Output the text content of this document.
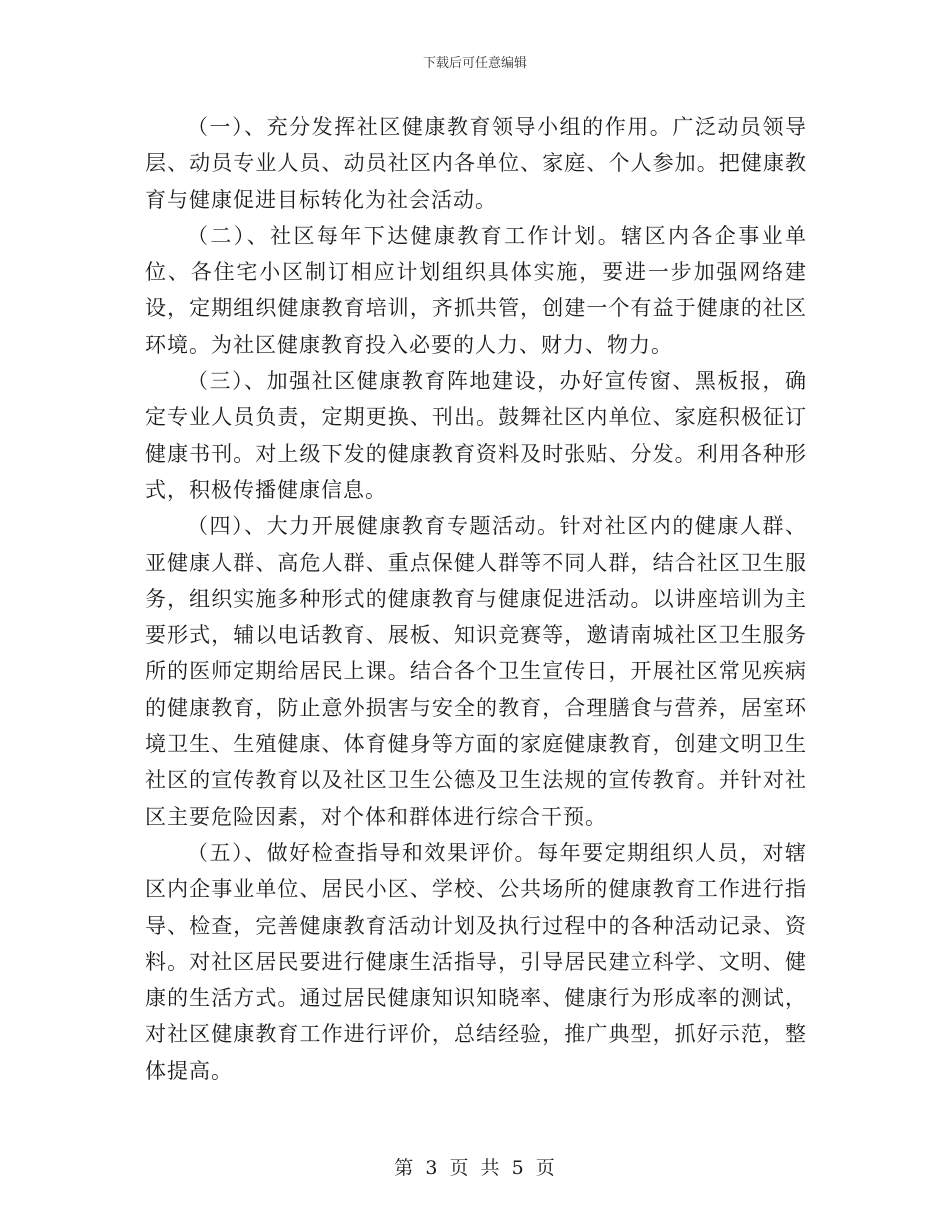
下载后可任意编辑

（一）、充分发挥社区健康教育领导小组的作用。广泛动员领导层、动员专业人员、动员社区内各单位、家庭、个人参加。把健康教育与健康促进目标转化为社会活动。

（二）、社区每年下达健康教育工作计划。辖区内各企事业单位、各住宅小区制订相应计划组织具体实施，要进一步加强网络建设，定期组织健康教育培训，齐抓共管，创建一个有益于健康的社区环境。为社区健康教育投入必要的人力、财力、物力。

（三）、加强社区健康教育阵地建设，办好宣传窗、黑板报，确定专业人员负责，定期更换、刊出。鼓舞社区内单位、家庭积极征订健康书刊。对上级下发的健康教育资料及时张贴、分发。利用各种形式，积极传播健康信息。

（四）、大力开展健康教育专题活动。针对社区内的健康人群、亚健康人群、高危人群、重点保健人群等不同人群，结合社区卫生服务，组织实施多种形式的健康教育与健康促进活动。以讲座培训为主要形式，辅以电话教育、展板、知识竞赛等，邀请南城社区卫生服务所的医师定期给居民上课。结合各个卫生宣传日，开展社区常见疾病的健康教育，防止意外损害与安全的教育，合理膳食与营养，居室环境卫生、生殖健康、体育健身等方面的家庭健康教育，创建文明卫生社区的宣传教育以及社区卫生公德及卫生法规的宣传教育。并针对社区主要危险因素，对个体和群体进行综合干预。

（五）、做好检查指导和效果评价。每年要定期组织人员，对辖区内企事业单位、居民小区、学校、公共场所的健康教育工作进行指导、检查，完善健康教育活动计划及执行过程中的各种活动记录、资料。对社区居民要进行健康生活指导，引导居民建立科学、文明、健康的生活方式。通过居民健康知识知晓率、健康行为形成率的测试，对社区健康教育工作进行评价，总结经验，推广典型，抓好示范，整体提高。

第 3 页 共 5 页
